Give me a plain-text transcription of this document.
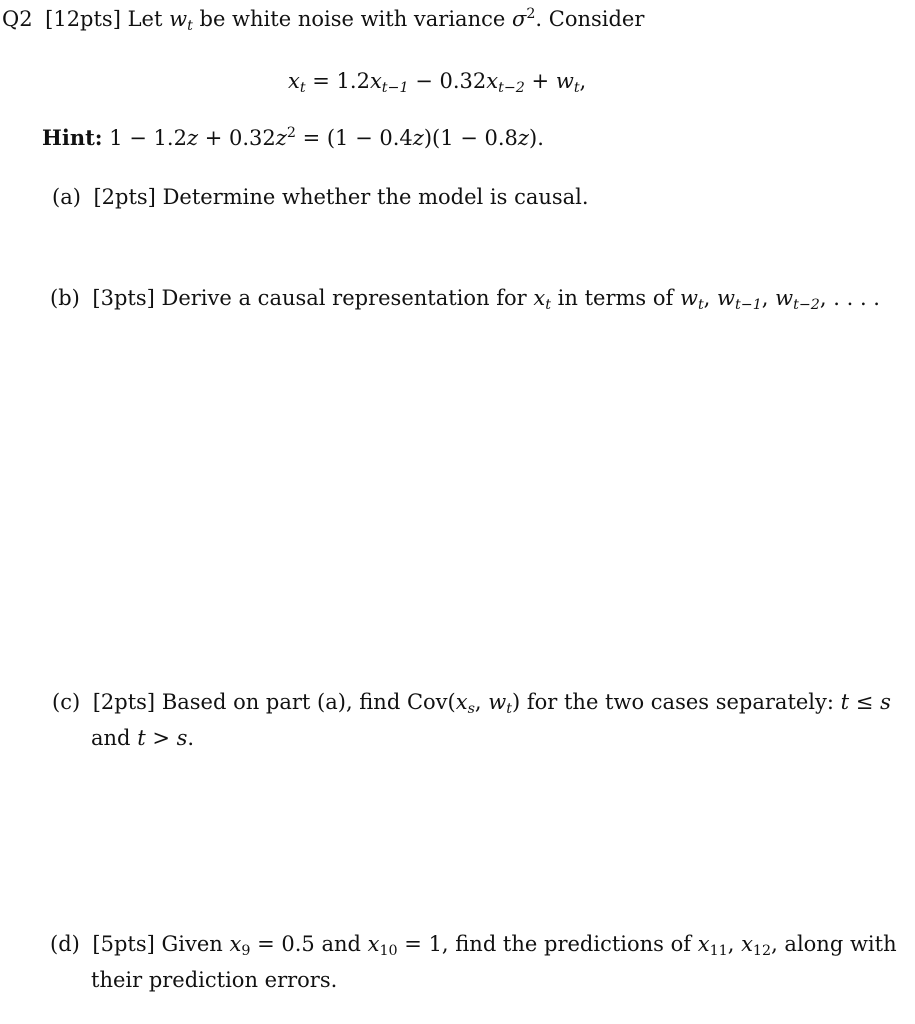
Q2 [12pts] Let wt be white noise with variance $\sigma^2$. Consider
xt = 1.2xt−1 − 0.32xt−2 + wt,
Hint: $1 - 1.2z + 0.32z^2 = (1 - 0.4z)(1 - 0.8z)$.
(a) [2pts] Determine whether the model is causal.
(b) [3pts] Derive a causal representation for xt in terms of wt, wt−1, wt−2, . . . .
(c) [2pts] Based on part (a), find Cov(xs, wt) for the two cases separately: t ≤ s
and t > s.
(d) [5pts] Given x9 = 0.5 and x10 = 1, find the predictions of x11, x12, along with
their prediction errors.
